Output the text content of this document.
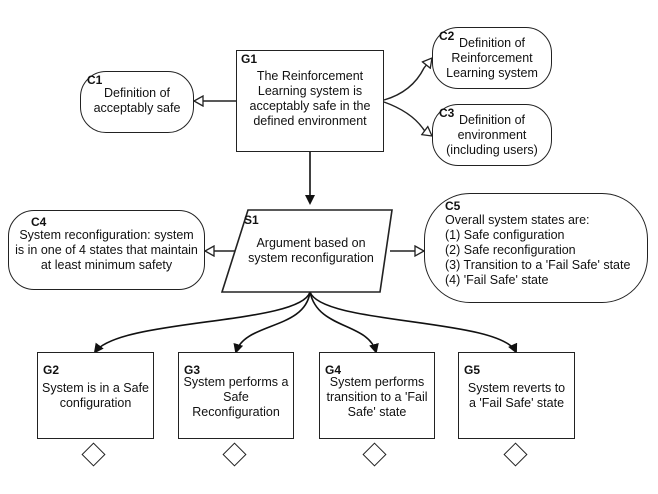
G1
The Reinforcement Learning system is acceptably safe in the defined environment
C1
Definition of acceptably safe
C2 Definition of Reinforcement Learning system
C3 Definition of environment (including users)
S1
Argument based on system reconfiguration
C4
System reconfiguration: system is in one of 4 states that maintain at least minimum safety
C5
Overall system states are:
(1) Safe configuration
(2) Safe reconfiguration
(3) Transition to a 'Fail Safe' state
(4) 'Fail Safe' state
G2
System is in a Safe configuration
G3
System performs a Safe Reconfiguration
G4
System performs transition to a 'Fail Safe' state
G5
System reverts to a 'Fail Safe' state
